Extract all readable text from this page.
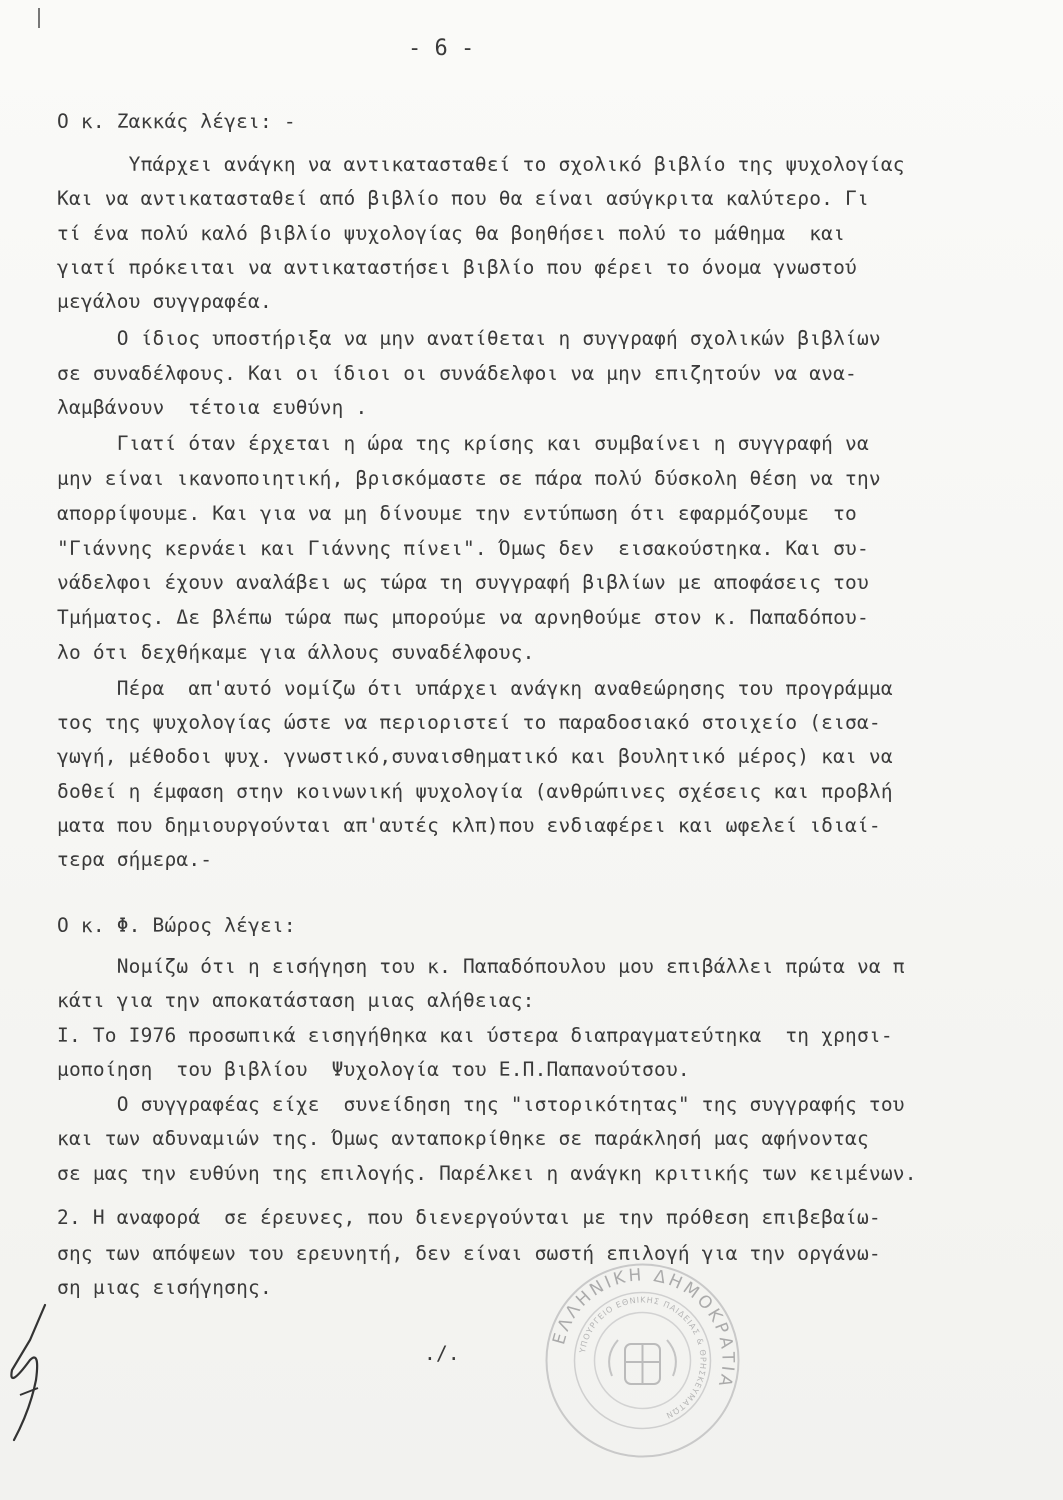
- 6 -
Ο κ. Ζακκάς λέγει: -
Υπάρχει ανάγκη να αντικατασταθεί το σχολικό βιβλίο της ψυχολογίας
Και να αντικατασταθεί από βιβλίο που θα είναι ασύγκριτα καλύτερο. Γι
τί ένα πολύ καλό βιβλίο ψυχολογίας θα βοηθήσει πολύ το μάθημα  και
γιατί πρόκειται να αντικαταστήσει βιβλίο που φέρει το όνομα γνωστού
μεγάλου συγγραφέα.
Ο ίδιος υποστήριξα να μην ανατίθεται η συγγραφή σχολικών βιβλίων
σε συναδέλφους. Και οι ίδιοι οι συνάδελφοι να μην επιζητούν να ανα-
λαμβάνουν  τέτοια ευθύνη .
Γιατί όταν έρχεται η ώρα της κρίσης και συμβαίνει η συγγραφή να
μην είναι ικανοποιητική, βρισκόμαστε σε πάρα πολύ δύσκολη θέση να την
απορρίψουμε. Και για να μη δίνουμε την εντύπωση ότι εφαρμόζουμε  το
"Γιάννης κερνάει και Γιάννης πίνει". Όμως δεν  εισακούστηκα. Και συ-
νάδελφοι έχουν αναλάβει ως τώρα τη συγγραφή βιβλίων με αποφάσεις του
Τμήματος. Δε βλέπω τώρα πως μπορούμε να αρνηθούμε στον κ. Παπαδόπου-
λο ότι δεχθήκαμε για άλλους συναδέλφους.
Πέρα  απ'αυτό νομίζω ότι υπάρχει ανάγκη αναθεώρησης του προγράμμα
τος της ψυχολογίας ώστε να περιοριστεί το παραδοσιακό στοιχείο (εισα-
γωγή, μέθοδοι ψυχ. γνωστικό,συναισθηματικό και βουλητικό μέρος) και να
δοθεί η έμφαση στην κοινωνική ψυχολογία (ανθρώπινες σχέσεις και προβλή
ματα που δημιουργούνται απ'αυτές κλπ)που ενδιαφέρει και ωφελεί ιδιαί-
τερα σήμερα.-
Ο κ. Φ. Βώρος λέγει:
Νομίζω ότι η εισήγηση του κ. Παπαδόπουλου μου επιβάλλει πρώτα να π
κάτι για την αποκατάσταση μιας αλήθειας:
Ι. Το Ι976 προσωπικά εισηγήθηκα και ύστερα διαπραγματεύτηκα  τη χρησι-
μοποίηση  του βιβλίου  Ψυχολογία του Ε.Π.Παπανούτσου.
Ο συγγραφέας είχε  συνείδηση της "ιστορικότητας" της συγγραφής του
και των αδυναμιών της. Όμως ανταποκρίθηκε σε παράκλησή μας αφήνοντας
σε μας την ευθύνη της επιλογής. Παρέλκει η ανάγκη κριτικής των κειμένων.
2. Η αναφορά  σε έρευνες, που διενεργούνται με την πρόθεση επιβεβαίω-
σης των απόψεων του ερευνητή, δεν είναι σωστή επιλογή για την οργάνω-
ση μιας εισήγησης.
./.
ΕΛΛΗΝΙΚΗ ΔΗΜΟΚΡΑΤΙΑ
ΥΠΟΥΡΓΕΙΟ ΕΘΝΙΚΗΣ ΠΑΙΔΕΙΑΣ & ΘΡΗΣΚΕΥΜΑΤΩΝ
